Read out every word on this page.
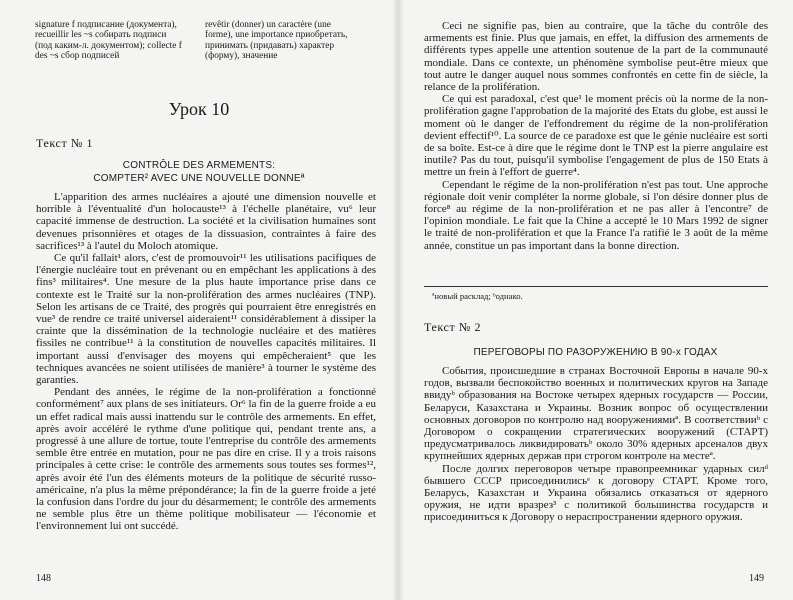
signature f подписание (документа),
recueillir les ~s собирать подписи
(под каким-л. документом); collecte f
des ~s сбор подписей
revêtir (donner) un caractère (une
forme), une importance приобретать,
принимать (придавать) характер
(форму), значение
Урок 10
Текст № 1
CONTRÔLE DES ARMEMENTS:
COMPTER² AVEC UNE NOUVELLE DONNEª

L'apparition des armes nucléaires a ajouté une dimension nouvelle et horrible à l'éventualité d'un holocauste¹³ à l'échelle planétaire, vu⁶ leur capacité immense de destruction. La société et la civilisation humaines sont devenues prisonnières et otages de la dissuasion, contraintes à faire des sacrifices¹³ à l'autel du Moloch atomique.

Ce qu'il fallait¹ alors, c'est de promouvoir¹¹ les utilisations pacifiques de l'énergie nucléaire tout en prévenant ou en empêchant les applications à des fins³ militaires⁴. Une mesure de la plus haute importance prise dans ce contexte est le Traité sur la non-prolifération des armes nucléaires (TNP). Selon les artisans de ce Traité, des progrès qui pourraient être enregistrés en vue³ de rendre ce traité universel aideraient¹¹ considérablement à dissiper la crainte que la dissémination de la technologie nucléaire et des matières fissiles ne contribue¹¹ à la constitution de nouvelles capacités militaires. Il important aussi d'envisager des moyens qui empêcheraient⁵ que les techniques avancées ne soient utilisées de manière³ à tourner le système des garanties.

Pendant des années, le régime de la non-prolifération a fonctionné conformément⁷ aux plans de ses initiateurs. Or⁶ la fin de la guerre froide a eu un effet radical mais aussi inattendu sur le contrôle des armements. En effet, après avoir accéléré le rythme d'une politique qui, pendant trente ans, a progressé à une allure de tortue, toute l'entreprise du contrôle des armements semble être entrée en mutation, pour ne pas dire en crise. Il y a trois raisons principales à cette crise: le contrôle des armements sous toutes ses formes¹², après avoir été l'un des éléments moteurs de la politique de sécurité russo-américaine, n'a plus la même prépondérance; la fin de la guerre froide a jeté la confusion dans l'ordre du jour du désarmement; le contrôle des armements ne semble plus être un thème politique mobilisateur — l'économie et l'environnement lui ont succédé.

148

Ceci ne signifie pas, bien au contraire, que la tâche du contrôle des armements est finie. Plus que jamais, en effet, la diffusion des armements de différents types appelle une attention soutenue de la part de la communauté mondiale. Dans ce contexte, un phénomène symbolise peut-être mieux que tout autre le danger auquel nous sommes confrontés en cette fin de siècle, la relance de la prolifération.

Ce qui est paradoxal, c'est que¹ le moment précis où la norme de la non-prolifération gagne l'approbation de la majorité des Etats du globe, est aussi le moment où le danger de l'effondrement du régime de la non-prolifération devient effectif¹⁰. La source de ce paradoxe est que le génie nucléaire est sorti de sa boîte. Est-ce à dire que le régime dont le TNP est la pierre angulaire est inutile? Pas du tout, puisqu'il symbolise l'engagement de plus de 150 Etats à mettre un frein à l'effort de guerre⁴.

Cependant le régime de la non-prolifération n'est pas tout. Une approche régionale doit venir compléter la norme globale, si l'on désire donner plus de force⁸ au régime de la non-prolifération et ne pas aller à l'encontre⁷ de l'opinion mondiale. Le fait que la Chine a accepté le 10 Mars 1992 de signer le traité de non-prolifération et que la France l'a ratifié le 3 août de la même année, constitue un pas important dans la bonne direction.

ªновый расклад; ᵇоднако.
Текст № 2
ПЕРЕГОВОРЫ ПО РАЗОРУЖЕНИЮ В 90-х ГОДАХ

События, происшедшие в странах Восточной Европы в начале 90-х годов, вызвали беспокойство военных и политических кругов на Западе ввидуᵇ образования на Востоке четырех ядерных государств — России, Беларуси, Казахстана и Украины. Возник вопрос об осуществлении основных договоров по контролю над вооружениямиª. В соответствииᵇ с Договором о сокращении стратегических вооружений (СТАРТ) предусматривалось ликвидироватьᵇ около 30% ядерных арсеналов двух крупнейших ядерных держав при строгом контроле на местеª.

После долгих переговоров четыре правопреемникаᴦ ударных силᵈ бывшего СССР присоединилисьᵉ к договору СТАРТ. Кроме того, Беларусь, Казахстан и Украина обязались отказаться от ядерного оружия, не идти вразрез³ с политикой большинства государств и присоединиться к Договору о нераспространении ядерного оружия.

149
